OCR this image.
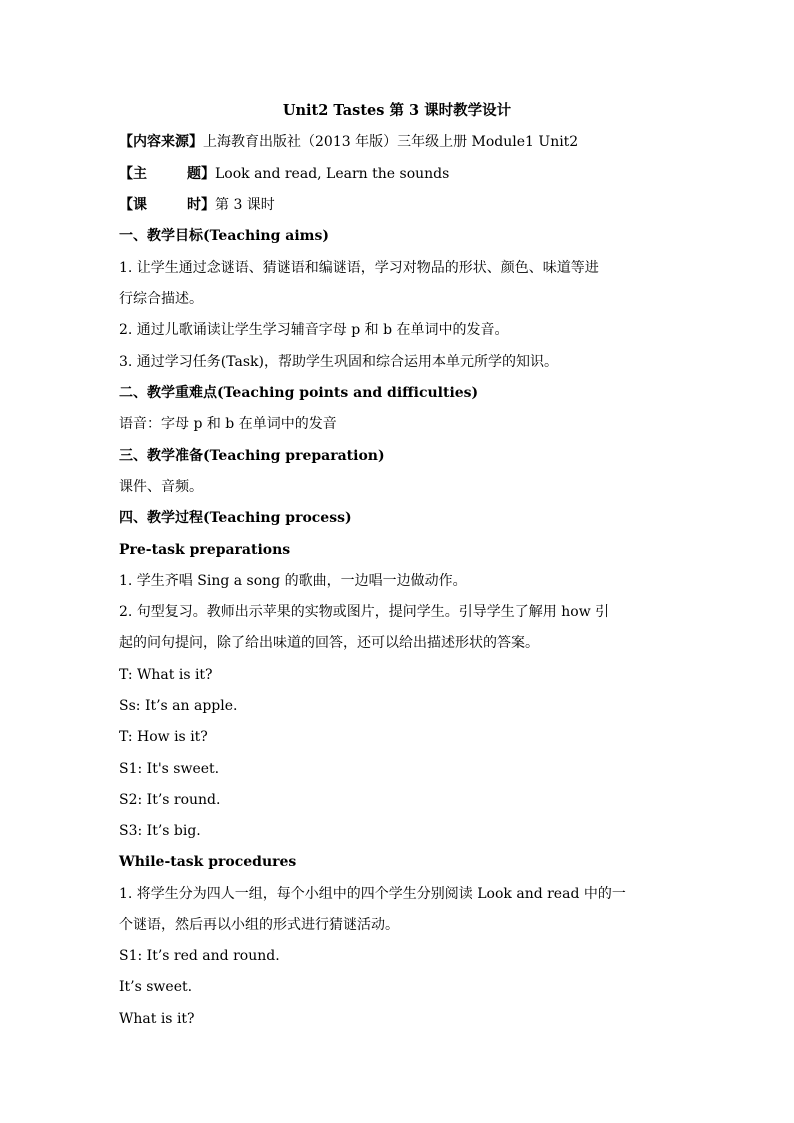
Unit2 Tastes 第 3 课时教学设计
【内容来源】上海教育出版社（2013 年版）三年级上册 Module1 Unit2
【主	题】Look and read, Learn the sounds
【课	时】第 3 课时
一、教学目标(Teaching aims)
1. 让学生通过念谜语、猜谜语和编谜语，学习对物品的形状、颜色、味道等进
行综合描述。
2. 通过儿歌诵读让学生学习辅音字母 p 和 b 在单词中的发音。
3. 通过学习任务(Task)，帮助学生巩固和综合运用本单元所学的知识。
二、教学重难点(Teaching points and difficulties)
语音：字母 p 和 b 在单词中的发音
三、教学准备(Teaching preparation)
课件、音频。
四、教学过程(Teaching process)
Pre-task preparations
1. 学生齐唱 Sing a song 的歌曲，一边唱一边做动作。
2. 句型复习。教师出示苹果的实物或图片，提问学生。引导学生了解用 how 引
起的问句提问，除了给出味道的回答，还可以给出描述形状的答案。
T: What is it?
Ss: It’s an apple.
T: How is it?
S1: It's sweet.
S2: It’s round.
S3: It’s big.
While-task procedures
1. 将学生分为四人一组，每个小组中的四个学生分别阅读 Look and read 中的一
个谜语，然后再以小组的形式进行猜谜活动。
S1: It’s red and round.
It’s sweet.
What is it?
